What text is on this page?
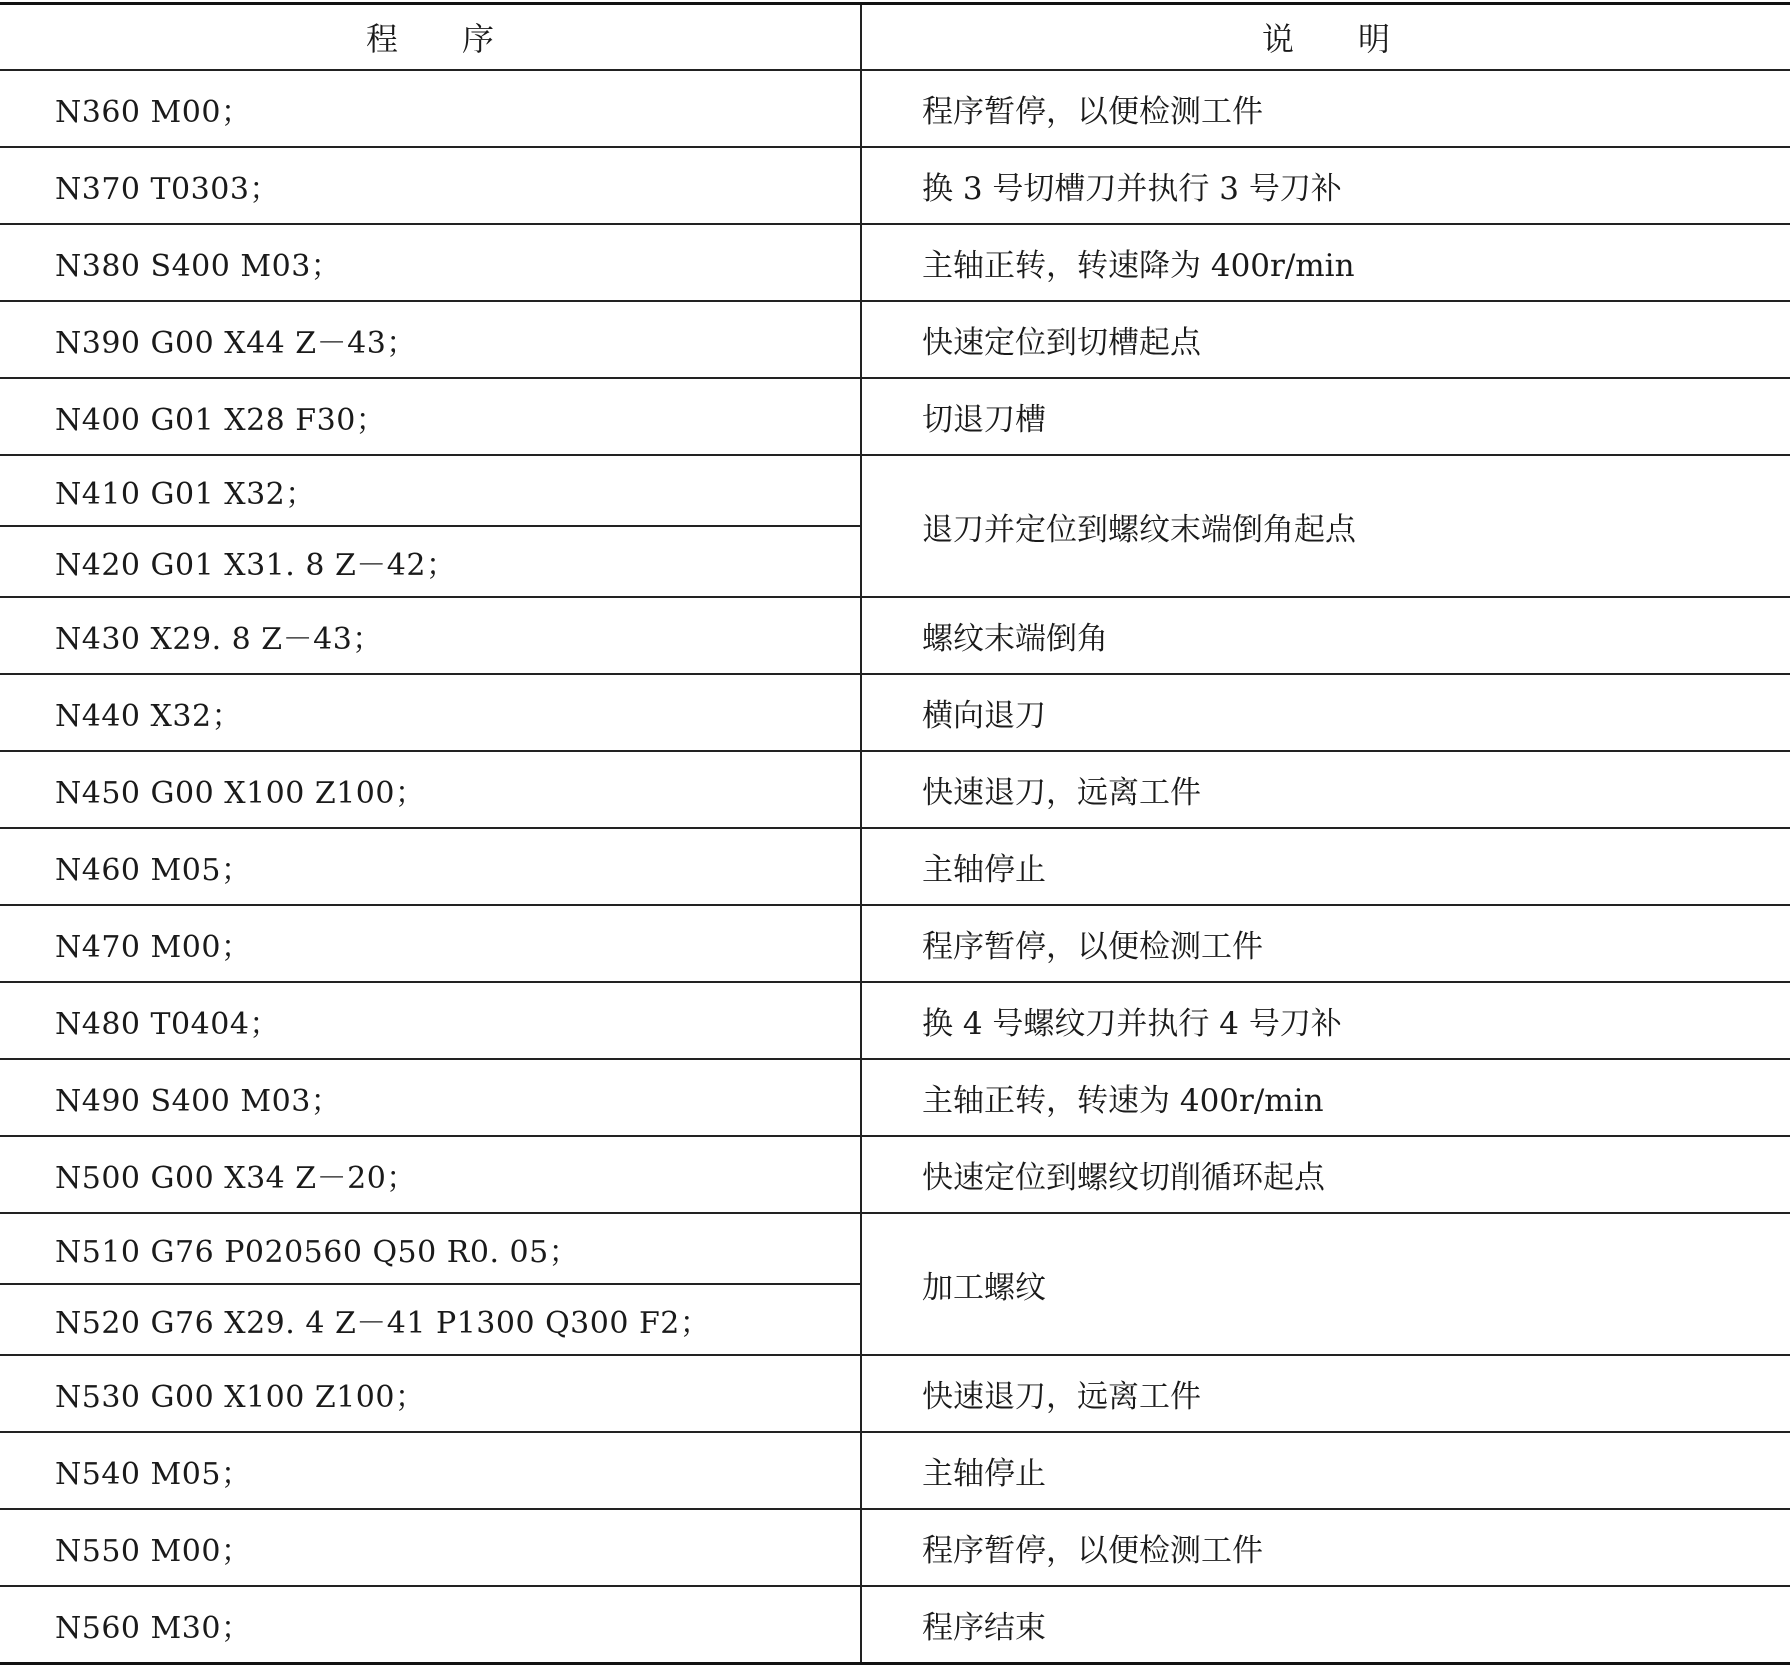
程　　序	说　　明
N360 M00；	程序暂停，以便检测工件
N370 T0303；	换 3 号切槽刀并执行 3 号刀补
N380 S400 M03；	主轴正转，转速降为 400r/min
N390 G00 X44 Z－43；	快速定位到切槽起点
N400 G01 X28 F30；	切退刀槽
N410 G01 X32；	退刀并定位到螺纹末端倒角起点
N420 G01 X31. 8 Z－42；	
N430 X29. 8 Z－43；	螺纹末端倒角
N440 X32；	横向退刀
N450 G00 X100 Z100；	快速退刀，远离工件
N460 M05；	主轴停止
N470 M00；	程序暂停，以便检测工件
N480 T0404；	换 4 号螺纹刀并执行 4 号刀补
N490 S400 M03；	主轴正转，转速为 400r/min
N500 G00 X34 Z－20；	快速定位到螺纹切削循环起点
N510 G76 P020560 Q50 R0. 05；	加工螺纹
N520 G76 X29. 4 Z－41 P1300 Q300 F2；	
N530 G00 X100 Z100；	快速退刀，远离工件
N540 M05；	主轴停止
N550 M00；	程序暂停，以便检测工件
N560 M30；	程序结束
